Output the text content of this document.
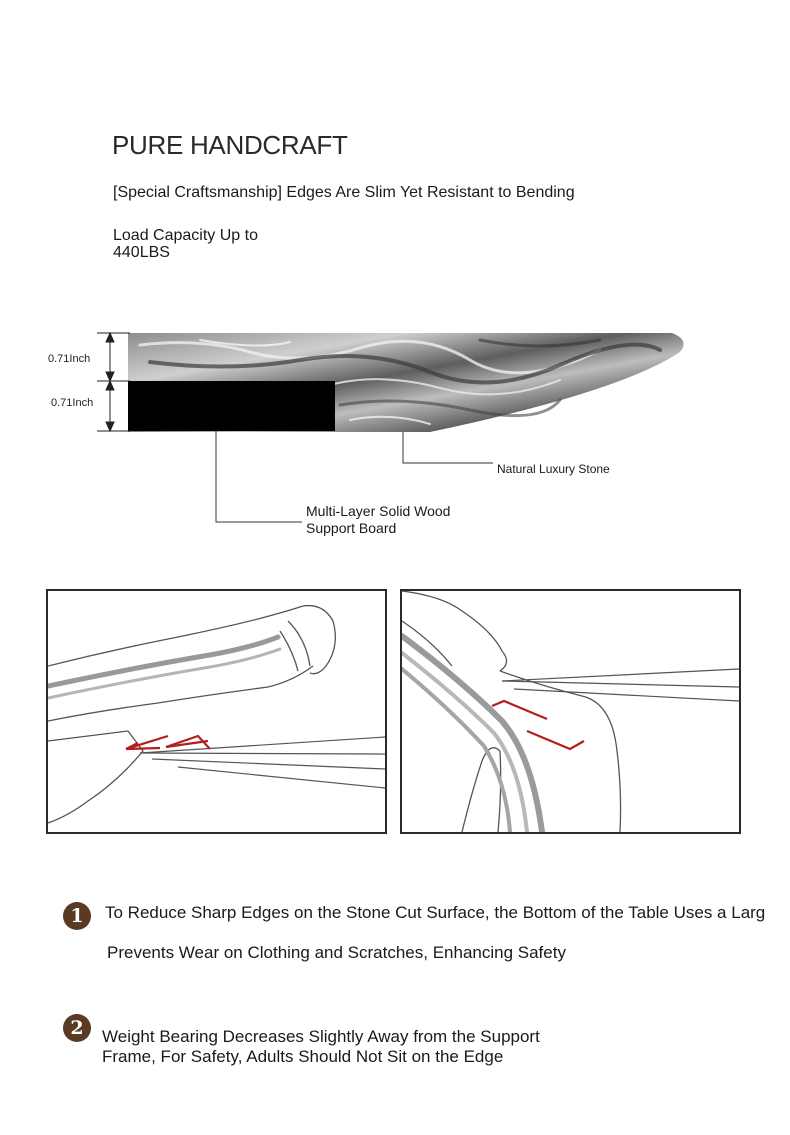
PURE HANDCRAFT
[Special Craftsmanship] Edges Are Slim Yet Resistant to Bending
Load Capacity Up to
440LBS
0.71Inch
0.71Inch
Natural Luxury Stone
Multi-Layer Solid Wood
Support Board
1	To Reduce Sharp Edges on the Stone Cut Surface, the Bottom of the Table Uses a Larg
Prevents Wear on Clothing and Scratches, Enhancing Safety
2	Weight Bearing Decreases Slightly Away from the Support
Frame, For Safety, Adults Should Not Sit on the Edge
